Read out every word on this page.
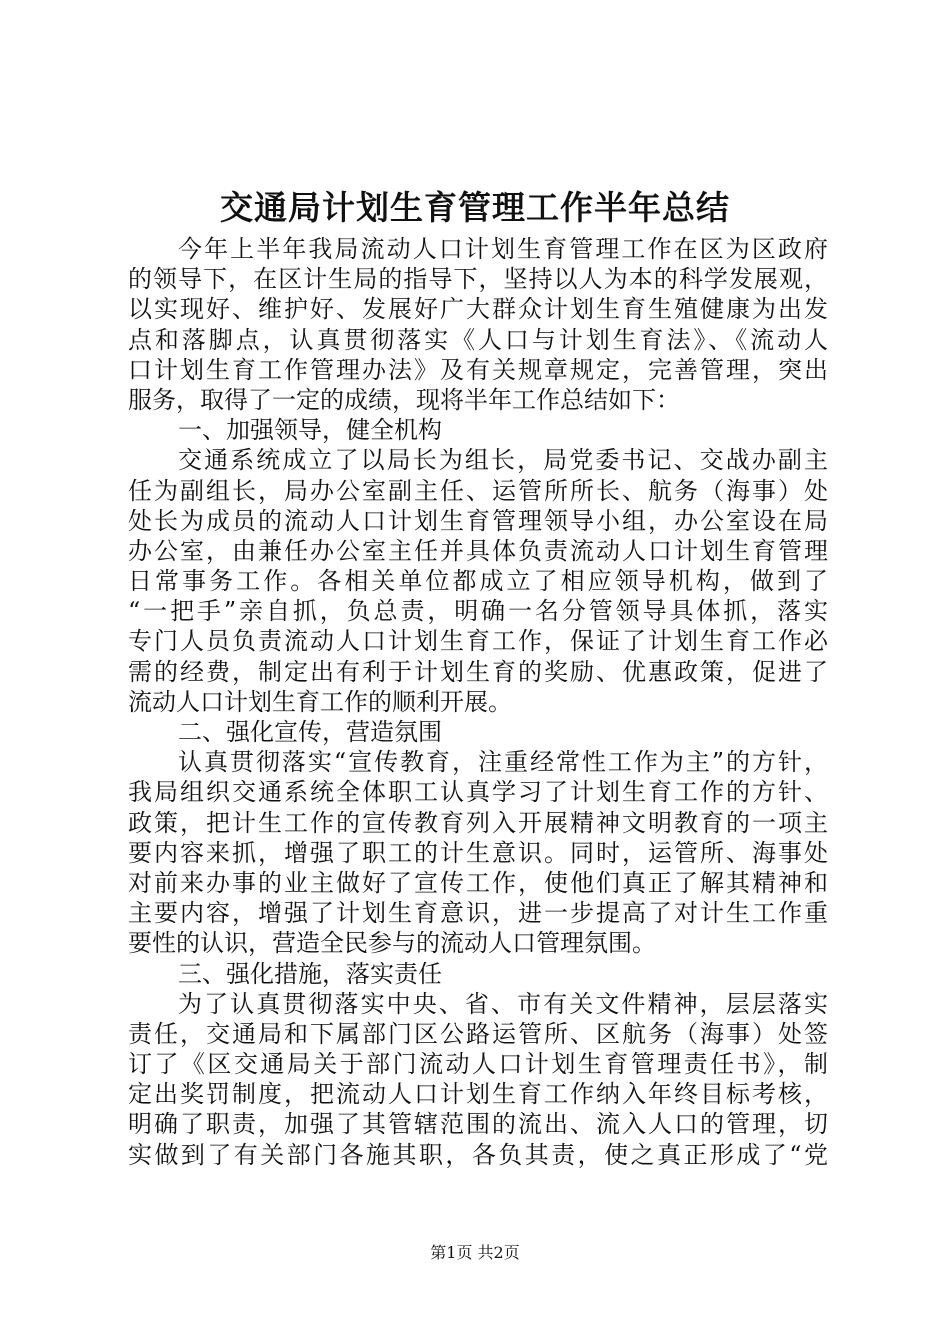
交通局计划生育管理工作半年总结
今年上半年我局流动人口计划生育管理工作在区为区政府
的领导下，在区计生局的指导下，坚持以人为本的科学发展观，
以实现好、维护好、发展好广大群众计划生育生殖健康为出发
点和落脚点，认真贯彻落实《人口与计划生育法》、《流动人
口计划生育工作管理办法》及有关规章规定，完善管理，突出
服务，取得了一定的成绩，现将半年工作总结如下：
一、加强领导，健全机构
交通系统成立了以局长为组长，局党委书记、交战办副主
任为副组长，局办公室副主任、运管所所长、航务（海事）处
处长为成员的流动人口计划生育管理领导小组，办公室设在局
办公室，由兼任办公室主任并具体负责流动人口计划生育管理
日常事务工作。各相关单位都成立了相应领导机构，做到了
“一把手”亲自抓，负总责，明确一名分管领导具体抓，落实
专门人员负责流动人口计划生育工作，保证了计划生育工作必
需的经费，制定出有利于计划生育的奖励、优惠政策，促进了
流动人口计划生育工作的顺利开展。
二、强化宣传，营造氛围
认真贯彻落实“宣传教育，注重经常性工作为主”的方针，
我局组织交通系统全体职工认真学习了计划生育工作的方针、
政策，把计生工作的宣传教育列入开展精神文明教育的一项主
要内容来抓，增强了职工的计生意识。同时，运管所、海事处
对前来办事的业主做好了宣传工作，使他们真正了解其精神和
主要内容，增强了计划生育意识，进一步提高了对计生工作重
要性的认识，营造全民参与的流动人口管理氛围。
三、强化措施，落实责任
为了认真贯彻落实中央、省、市有关文件精神，层层落实
责任，交通局和下属部门区公路运管所、区航务（海事）处签
订了《区交通局关于部门流动人口计划生育管理责任书》，制
定出奖罚制度，把流动人口计划生育工作纳入年终目标考核，
明确了职责，加强了其管辖范围的流出、流入人口的管理，切
实做到了有关部门各施其职，各负其责，使之真正形成了“党
第1页 共2页
